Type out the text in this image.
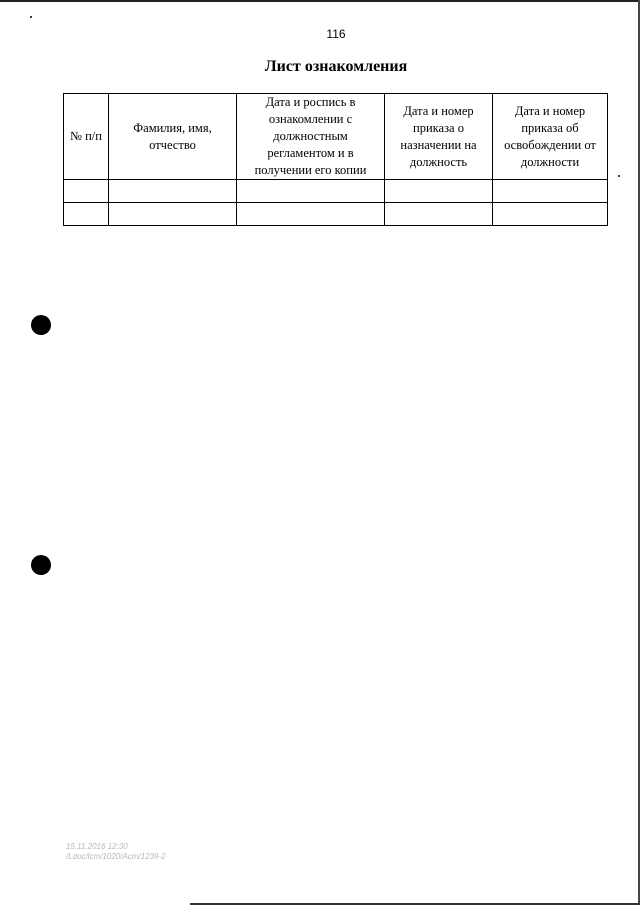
116
Лист ознакомления
№ п/п	Фамилия, имя, отчество	Дата и роспись в ознакомлении с должностным регламентом и в получении его копии	Дата и номер приказа о назначении на должность	Дата и номер приказа об освобождении от должности

15.11.2016 12:30
/Ldoc/lcm/1020/Acm/1239-2
